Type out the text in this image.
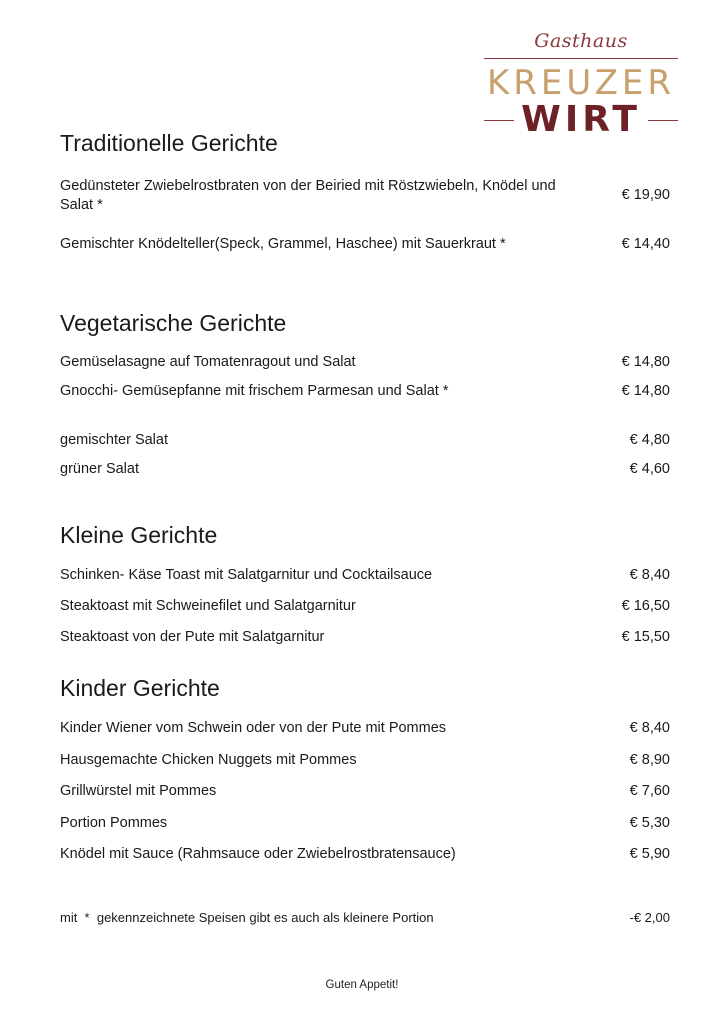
Gasthaus
KREUZER
WIRT
Traditionelle Gerichte
Gedünsteter Zwiebelrostbraten von der Beiried mit Röstzwiebeln, Knödel und Salat *
€ 19,90
Gemischter Knödelteller(Speck, Grammel, Haschee) mit Sauerkraut *	€ 14,40
Vegetarische Gerichte
Gemüselasagne auf Tomatenragout und Salat	€ 14,80
Gnocchi- Gemüsepfanne mit frischem Parmesan und Salat *	€ 14,80
gemischter Salat	€ 4,80
grüner Salat	€ 4,60
Kleine Gerichte
Schinken- Käse Toast mit Salatgarnitur und Cocktailsauce	€ 8,40
Steaktoast mit Schweinefilet und Salatgarnitur	€ 16,50
Steaktoast von der Pute mit Salatgarnitur	€ 15,50
Kinder Gerichte
Kinder Wiener vom Schwein oder von der Pute mit Pommes	€ 8,40
Hausgemachte Chicken Nuggets mit Pommes	€ 8,90
Grillwürstel mit Pommes	€ 7,60
Portion Pommes	€ 5,30
Knödel mit Sauce (Rahmsauce oder Zwiebelrostbratensauce)	€ 5,90
mit  *  gekennzeichnete Speisen gibt es auch als kleinere Portion	-€ 2,00
Guten Appetit!
